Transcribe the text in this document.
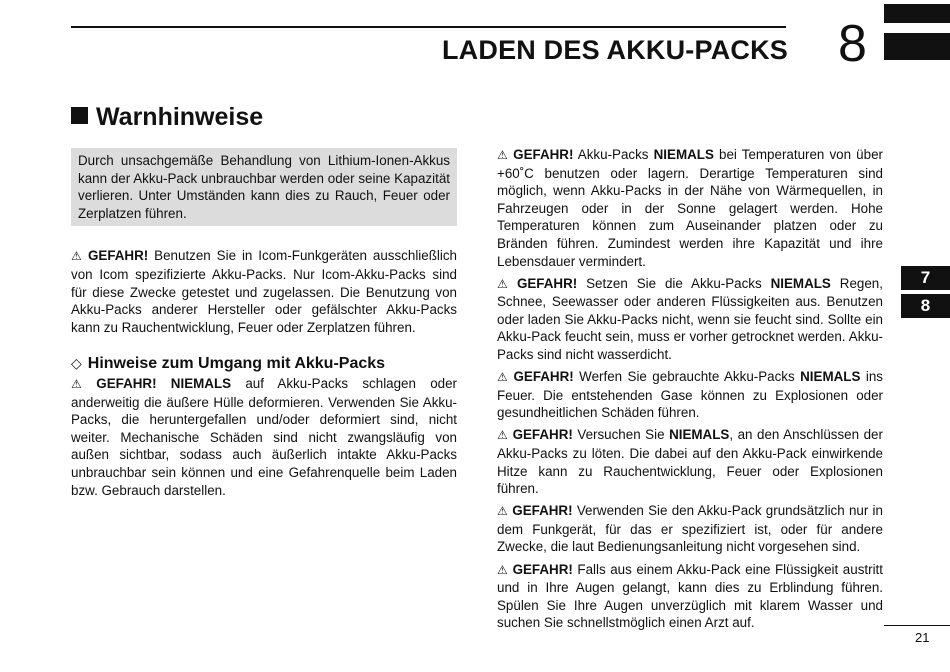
LADEN DES AKKU-PACKS 8
Warnhinweise

Durch unsachgemäße Behandlung von Lithium-Ionen-Akkus kann der Akku-Pack unbrauchbar werden oder seine Kapazität verlieren. Unter Umständen kann dies zu Rauch, Feuer oder Zerplatzen führen.

⚠ GEFAHR! Benutzen Sie in Icom-Funkgeräten ausschließlich von Icom spezifizierte Akku-Packs. Nur Icom-Akku-Packs sind für diese Zwecke getestet und zugelassen. Die Benutzung von Akku-Packs anderer Hersteller oder gefälschter Akku-Packs kann zu Rauchentwicklung, Feuer oder Zerplatzen führen.

◇ Hinweise zum Umgang mit Akku-Packs

⚠ GEFAHR! NIEMALS auf Akku-Packs schlagen oder anderweitig die äußere Hülle deformieren. Verwenden Sie Akku-Packs, die heruntergefallen und/oder deformiert sind, nicht weiter. Mechanische Schäden sind nicht zwangsläufig von außen sichtbar, sodass auch äußerlich intakte Akku-Packs unbrauchbar sein können und eine Gefahrenquelle beim Laden bzw. Gebrauch darstellen.

⚠ GEFAHR! Akku-Packs NIEMALS bei Temperaturen von über +60˚C benutzen oder lagern. Derartige Temperaturen sind möglich, wenn Akku-Packs in der Nähe von Wärmequellen, in Fahrzeugen oder in der Sonne gelagert werden. Hohe Temperaturen können zum Auseinander platzen oder zu Bränden führen. Zumindest werden ihre Kapazität und ihre Lebensdauer vermindert.

⚠ GEFAHR! Setzen Sie die Akku-Packs NIEMALS Regen, Schnee, Seewasser oder anderen Flüssigkeiten aus. Benutzen oder laden Sie Akku-Packs nicht, wenn sie feucht sind. Sollte ein Akku-Pack feucht sein, muss er vorher getrocknet werden. Akku-Packs sind nicht wasserdicht.

⚠ GEFAHR! Werfen Sie gebrauchte Akku-Packs NIEMALS ins Feuer. Die entstehenden Gase können zu Explosionen oder gesundheitlichen Schäden führen.

⚠ GEFAHR! Versuchen Sie NIEMALS, an den Anschlüssen der Akku-Packs zu löten. Die dabei auf den Akku-Pack einwirkende Hitze kann zu Rauchentwicklung, Feuer oder Explosionen führen.

⚠ GEFAHR! Verwenden Sie den Akku-Pack grundsätzlich nur in dem Funkgerät, für das er spezifiziert ist, oder für andere Zwecke, die laut Bedienungsanleitung nicht vorgesehen sind.

⚠ GEFAHR! Falls aus einem Akku-Pack eine Flüssigkeit austritt und in Ihre Augen gelangt, kann dies zu Erblindung führen. Spülen Sie Ihre Augen unverzüglich mit klarem Wasser und suchen Sie schnellstmöglich einen Arzt auf.

7
8
21
